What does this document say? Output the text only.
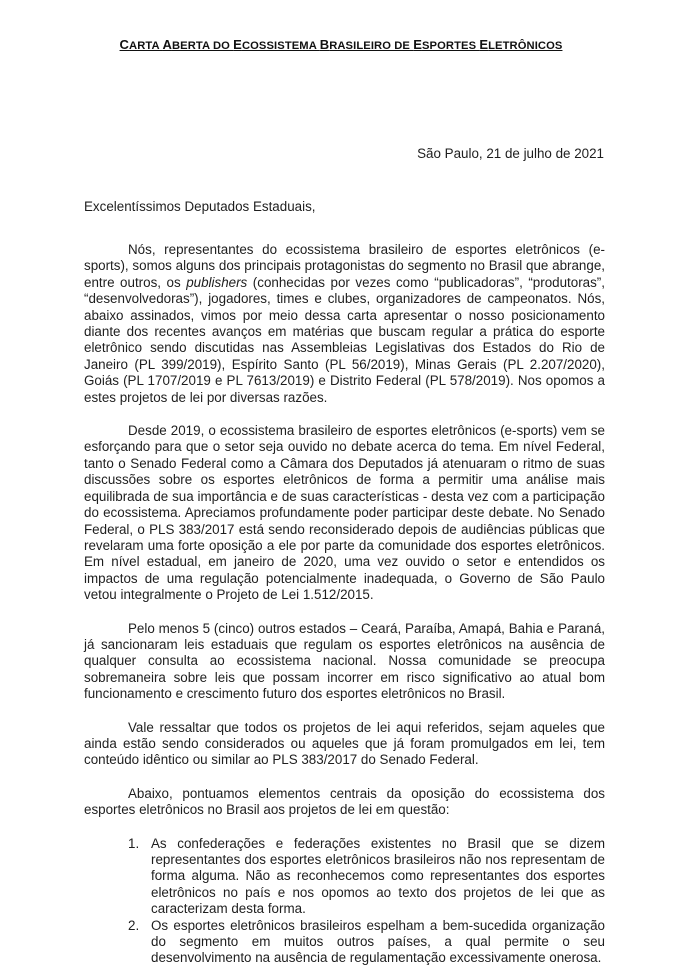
CARTA ABERTA DO ECOSSISTEMA BRASILEIRO DE ESPORTES ELETRÔNICOS
São Paulo, 21 de julho de 2021
Excelentíssimos Deputados Estaduais,

Nós, representantes do ecossistema brasileiro de esportes eletrônicos (e-sports), somos alguns dos principais protagonistas do segmento no Brasil que abrange, entre outros, os publishers (conhecidas por vezes como “publicadoras”, “produtoras”, “desenvolvedoras”), jogadores, times e clubes, organizadores de campeonatos. Nós, abaixo assinados, vimos por meio dessa carta apresentar o nosso posicionamento diante dos recentes avanços em matérias que buscam regular a prática do esporte eletrônico sendo discutidas nas Assembleias Legislativas dos Estados do Rio de Janeiro (PL 399/2019), Espírito Santo (PL 56/2019), Minas Gerais (PL 2.207/2020), Goiás (PL 1707/2019 e PL 7613/2019) e Distrito Federal (PL 578/2019). Nos opomos a estes projetos de lei por diversas razões.

Desde 2019, o ecossistema brasileiro de esportes eletrônicos (e-sports) vem se esforçando para que o setor seja ouvido no debate acerca do tema. Em nível Federal, tanto o Senado Federal como a Câmara dos Deputados já atenuaram o ritmo de suas discussões sobre os esportes eletrônicos de forma a permitir uma análise mais equilibrada de sua importância e de suas características - desta vez com a participação do ecossistema. Apreciamos profundamente poder participar deste debate. No Senado Federal, o PLS 383/2017 está sendo reconsiderado depois de audiências públicas que revelaram uma forte oposição a ele por parte da comunidade dos esportes eletrônicos. Em nível estadual, em janeiro de 2020, uma vez ouvido o setor e entendidos os impactos de uma regulação potencialmente inadequada, o Governo de São Paulo vetou integralmente o Projeto de Lei 1.512/2015.

Pelo menos 5 (cinco) outros estados – Ceará, Paraíba, Amapá, Bahia e Paraná, já sancionaram leis estaduais que regulam os esportes eletrônicos na ausência de qualquer consulta ao ecossistema nacional. Nossa comunidade se preocupa sobremaneira sobre leis que possam incorrer em risco significativo ao atual bom funcionamento e crescimento futuro dos esportes eletrônicos no Brasil.

Vale ressaltar que todos os projetos de lei aqui referidos, sejam aqueles que ainda estão sendo considerados ou aqueles que já foram promulgados em lei, tem conteúdo idêntico ou similar ao PLS 383/2017 do Senado Federal.

Abaixo, pontuamos elementos centrais da oposição do ecossistema dos esportes eletrônicos no Brasil aos projetos de lei em questão:

1. As confederações e federações existentes no Brasil que se dizem representantes dos esportes eletrônicos brasileiros não nos representam de forma alguma. Não as reconhecemos como representantes dos esportes eletrônicos no país e nos opomos ao texto dos projetos de lei que as caracterizam desta forma.
2. Os esportes eletrônicos brasileiros espelham a bem-sucedida organização do segmento em muitos outros países, a qual permite o seu desenvolvimento na ausência de regulamentação excessivamente onerosa.
